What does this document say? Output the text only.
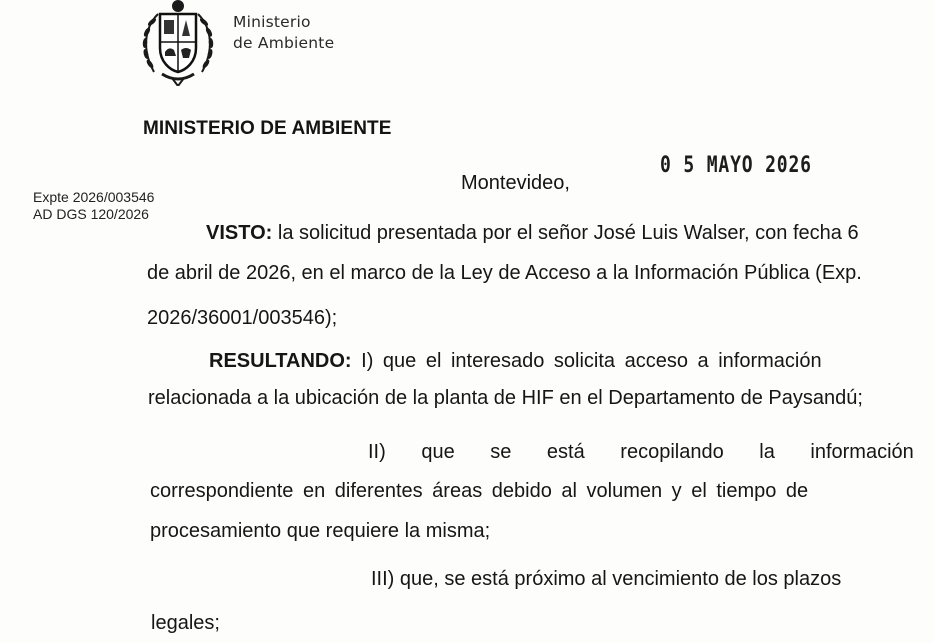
Ministerio
de Ambiente
MINISTERIO DE AMBIENTE
Montevideo,
0 5 MAYO 2026
Expte 2026/003546
AD DGS 120/2026
VISTO: la solicitud presentada por el señor José Luis Walser, con fecha 6
de abril de 2026, en el marco de la Ley de Acceso a la Información Pública (Exp.
2026/36001/003546);
RESULTANDO: I) que el interesado solicita acceso a información
relacionada a la ubicación de la planta de HIF en el Departamento de Paysandú;
II) que se está recopilando la información
correspondiente en diferentes áreas debido al volumen y el tiempo de
procesamiento que requiere la misma;
III) que, se está próximo al vencimiento de los plazos
legales;
